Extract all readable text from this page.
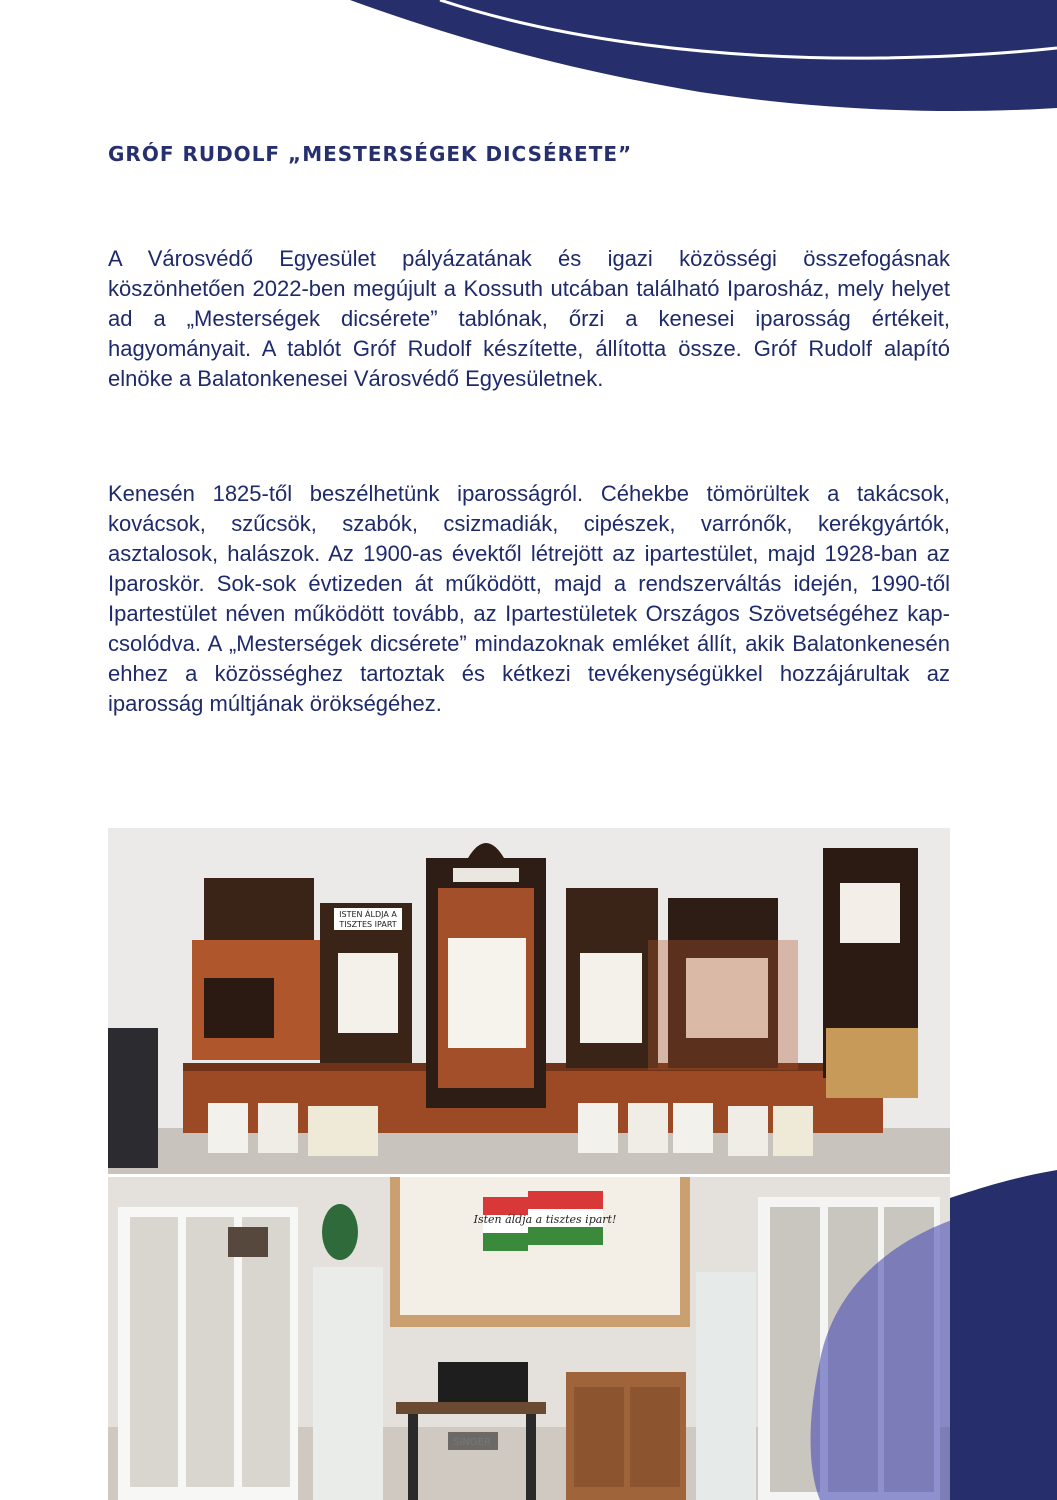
GRÓF RUDOLF „MESTERSÉGEK DICSÉRETE”

A Városvédő Egyesület pályázatának és igazi közösségi összefogásnak köszönhetően 2022-ben megújult a Kossuth utcában található Iparosház, mely helyet ad a „Mesterségek dicsérete” tablónak, őrzi a kenesei iparosság értékeit, hagyományait. A tablót Gróf Rudolf készítette, állította össze. Gróf Rudolf alapító elnöke a Balatonkenesei Városvédő Egyesületnek.

Kenesén 1825-től beszélhetünk iparosságról. Céhekbe tömörültek a takácsok, kovácsok, szűcsök, szabók, csizmadiák, cipészek, varrónők, kerékgyártók, asztalosok, halászok. Az 1900-as évektől létrejött az ipartestület, majd 1928-ban az Iparoskör. Sok-sok évtizeden át működött, majd a rendszerváltás idején, 1990-től Ipartestület néven működött tovább, az Ipartestületek Országos Szövetségéhez kapcsolódva. A „Mesterségek dicsérete” mindazoknak emléket állít, akik Balatonkenesén ehhez a közösséghez tartoztak és kétkezi tevékenységükkel hozzájárultak az iparosság múltjának örökségéhez.

ISTEN ÁLDJA A
TISZTES IPART
Isten áldja a tisztes ipart!
